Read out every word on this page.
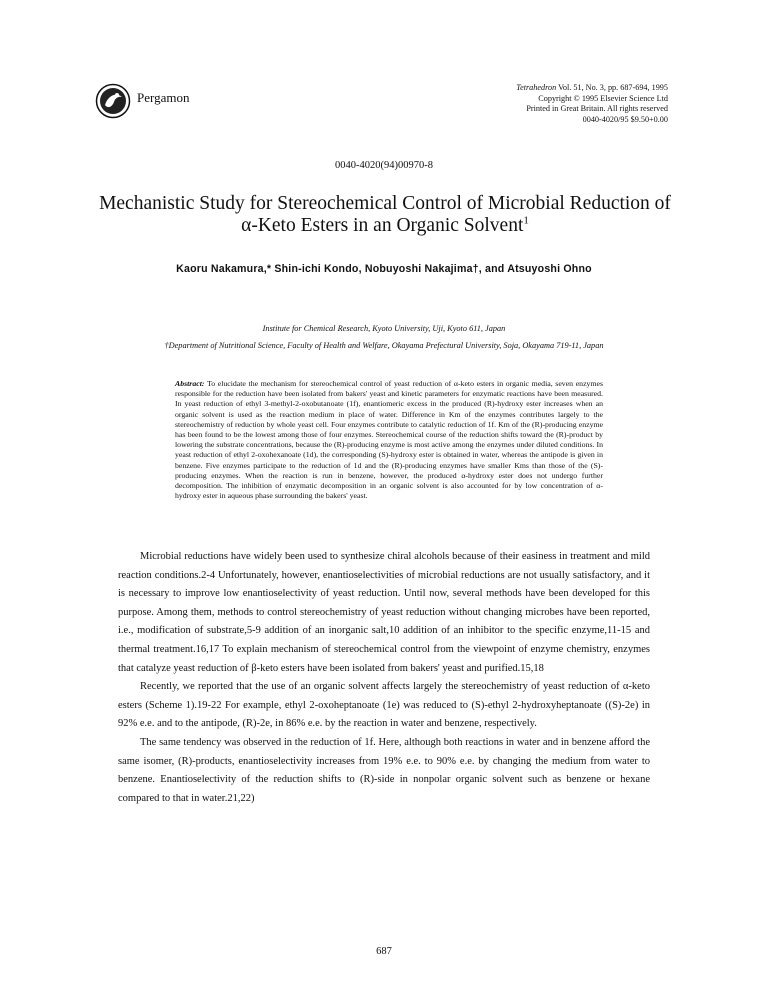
Pergamon
Tetrahedron Vol. 51, No. 3, pp. 687-694, 1995
Copyright © 1995 Elsevier Science Ltd
Printed in Great Britain. All rights reserved
0040-4020/95 $9.50+0.00
0040-4020(94)00970-8
Mechanistic Study for Stereochemical Control of Microbial Reduction of
α-Keto Esters in an Organic Solvent$^1$
Kaoru Nakamura,* Shin-ichi Kondo, Nobuyoshi Nakajima†, and Atsuyoshi Ohno
Institute for Chemical Research, Kyoto University, Uji, Kyoto 611, Japan
†Department of Nutritional Science, Faculty of Health and Welfare, Okayama Prefectural University, Soja, Okayama 719-11, Japan
Abstract: To elucidate the mechanism for stereochemical control of yeast reduction of α-keto esters in organic media, seven enzymes responsible for the reduction have been isolated from bakers' yeast and kinetic parameters for enzymatic reactions have been measured. In yeast reduction of ethyl 3-methyl-2-oxobutanoate (1f), enantiomeric excess in the produced (R)-hydroxy ester increases when an organic solvent is used as the reaction medium in place of water. Difference in Km of the enzymes contributes largely to the stereochemistry of reduction by whole yeast cell. Four enzymes contribute to catalytic reduction of 1f. Km of the (R)-producing enzyme has been found to be the lowest among those of four enzymes. Stereochemical course of the reduction shifts toward the (R)-product by lowering the substrate concentrations, because the (R)-producing enzyme is most active among the enzymes under diluted conditions. In yeast reduction of ethyl 2-oxohexanoate (1d), the corresponding (S)-hydroxy ester is obtained in water, whereas the antipode is given in benzene. Five enzymes participate to the reduction of 1d and the (R)-producing enzymes have smaller Kms than those of the (S)-producing enzymes. When the reaction is run in benzene, however, the produced α-hydroxy ester does not undergo further decomposition. The inhibition of enzymatic decomposition in an organic solvent is also accounted for by low concentration of α-hydroxy ester in aqueous phase surrounding the bakers' yeast.

Microbial reductions have widely been used to synthesize chiral alcohols because of their easiness in treatment and mild reaction conditions.2-4 Unfortunately, however, enantioselectivities of microbial reductions are not usually satisfactory, and it is necessary to improve low enantioselectivity of yeast reduction. Until now, several methods have been developed for this purpose. Among them, methods to control stereochemistry of yeast reduction without changing microbes have been reported, i.e., modification of substrate,5-9 addition of an inorganic salt,10 addition of an inhibitor to the specific enzyme,11-15 and thermal treatment.16,17 To explain mechanism of stereochemical control from the viewpoint of enzyme chemistry, enzymes that catalyze yeast reduction of β-keto esters have been isolated from bakers' yeast and purified.15,18

Recently, we reported that the use of an organic solvent affects largely the stereochemistry of yeast reduction of α-keto esters (Scheme 1).19-22 For example, ethyl 2-oxoheptanoate (1e) was reduced to (S)-ethyl 2-hydroxyheptanoate ((S)-2e) in 92% e.e. and to the antipode, (R)-2e, in 86% e.e. by the reaction in water and benzene, respectively.

The same tendency was observed in the reduction of 1f. Here, although both reactions in water and in benzene afford the same isomer, (R)-products, enantioselectivity increases from 19% e.e. to 90% e.e. by changing the medium from water to benzene. Enantioselectivity of the reduction shifts to (R)-side in nonpolar organic solvent such as benzene or hexane compared to that in water.21,22)

687
